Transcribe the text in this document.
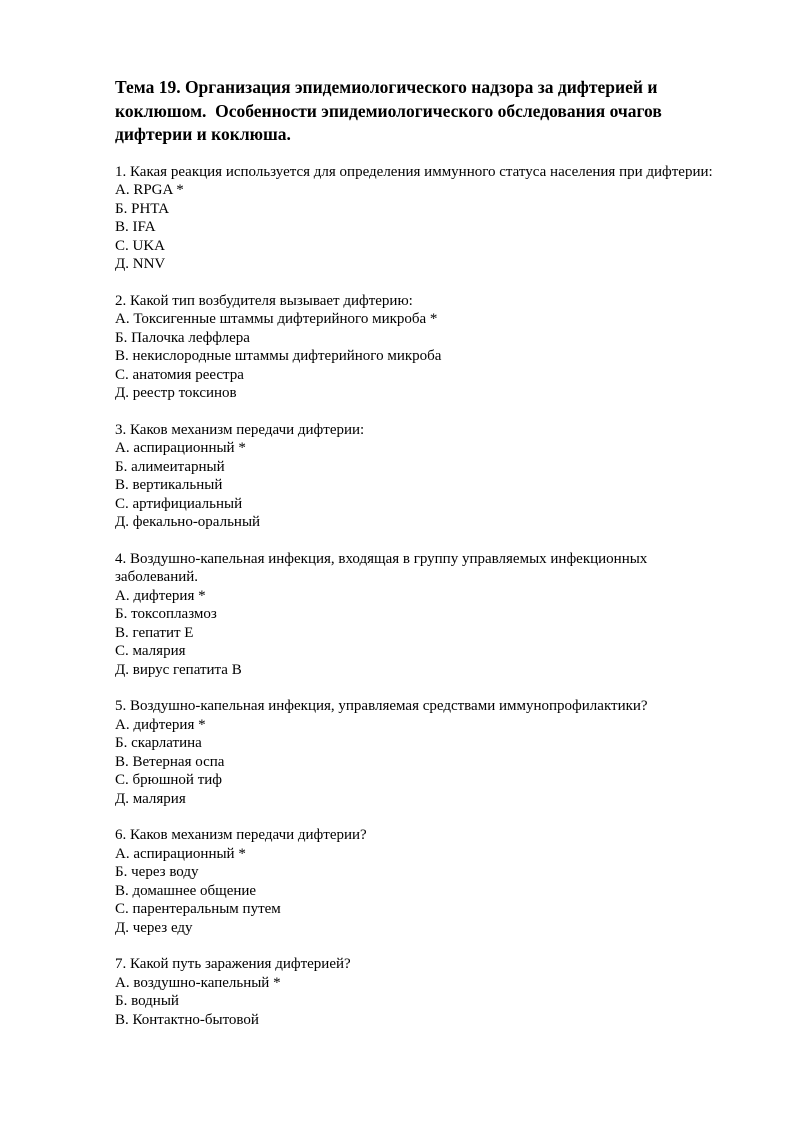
Тема 19. Организация эпидемиологического надзора за дифтерией и коклюшом.  Особенности эпидемиологического обследования очагов дифтерии и коклюша.

1. Какая реакция используется для определения иммунного статуса населения при дифтерии:

A. RPGA *

Б. PHTA

B. IFA

C. UKA

Д. NNV

2. Какой тип возбудителя вызывает дифтерию:

A. Токсигенные штаммы дифтерийного микроба *

Б. Палочка леффлера

B. некислородные штаммы дифтерийного микроба

C. анатомия реестра

Д. реестр токсинов

3. Каков механизм передачи дифтерии:

A. аспирационный *

Б. алимеитарный

B. вертикальный

C. артифициальный

Д. фекально-оральный

4. Воздушно-капельная инфекция, входящая в группу управляемых инфекционных заболеваний.

A. дифтерия *

Б. токсоплазмоз

B. гепатит E

C. малярия

Д. вирус гепатита B

5. Воздушно-капельная инфекция, управляемая средствами иммунопрофилактики?

A. дифтерия *

Б. скарлатина

B. Ветерная оспа

C. брюшной тиф

Д. малярия

6. Каков механизм передачи дифтерии?

A. аспирационный *

Б. через воду

B. домашнее общение

C. парентеральным путем

Д. через еду

7. Какой путь заражения дифтерией?

A. воздушно-капельный *

Б. водный

B. Контактно-бытовой
